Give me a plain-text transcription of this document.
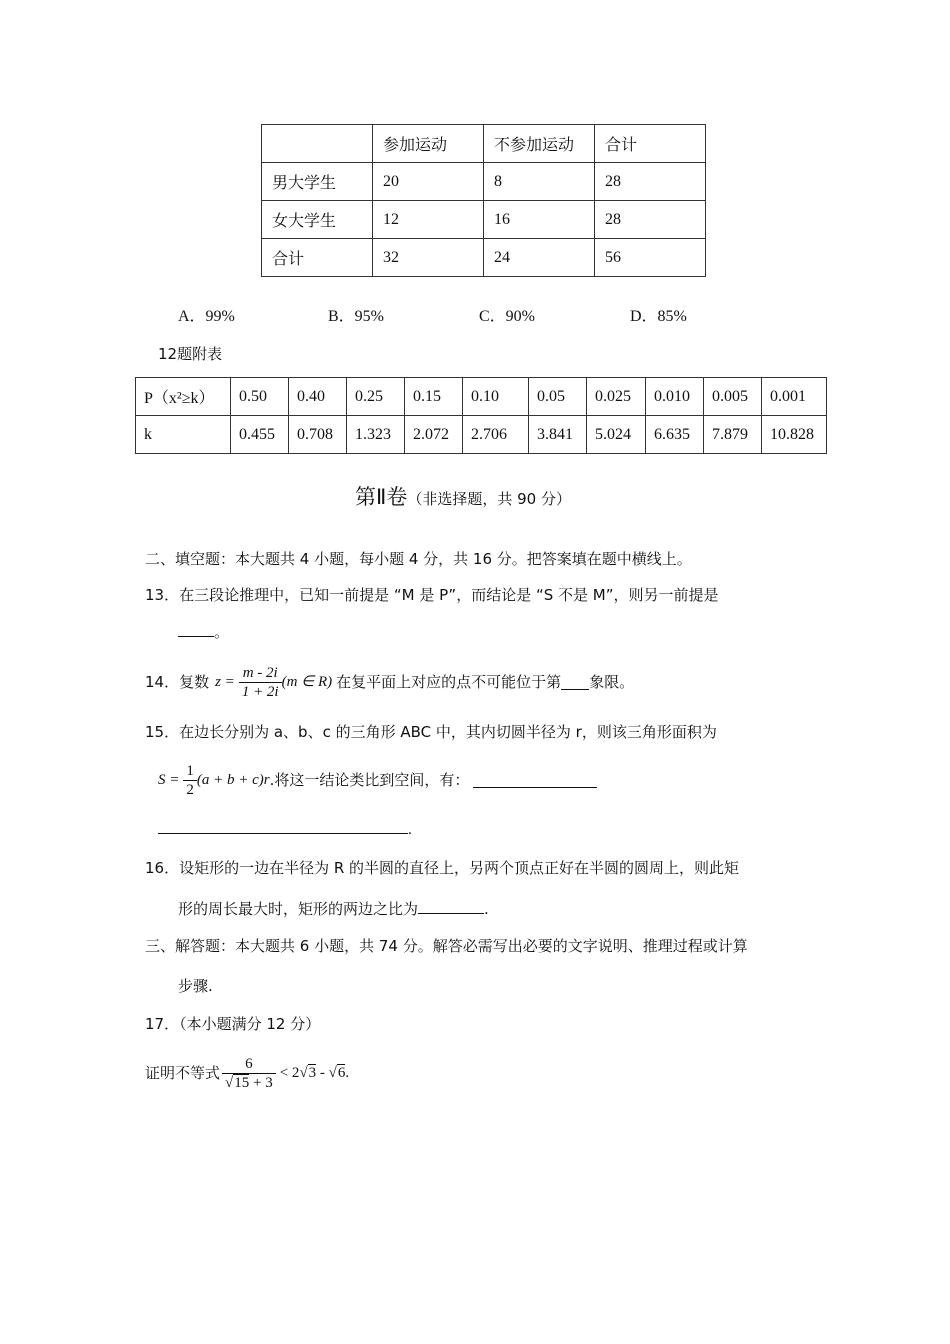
	参加运动	不参加运动	合计
男大学生	20	8	28
女大学生	12	16	28
合计	32	24	56
A．99%	B．95%	C．90%	D．85%
12题附表
P（x²≥k）	0.50	0.40	0.25	0.15	0.10	0.05	0.025	0.010	0.005	0.001
k	0.455	0.708	1.323	2.072	2.706	3.841	5.024	6.635	7.879	10.828
第Ⅱ卷（非选择题，共 90 分）
二、填空题：本大题共 4 小题，每小题 4 分，共 16 分。把答案填在题中横线上。
13．在三段论推理中，已知一前提是 “M 是 P”，而结论是 “S 不是 M”，则另一前提是
。
14．复数 $z = \frac{m - 2i}{1 + 2i} (m$ ∈ R) 在复平面上对应的点不可能位于第 象限。
15．在边长分别为 a、b、c 的三角形 ABC 中，其内切圆半径为 r，则该三角形面积为
$S = \frac{1}{2} (a + b + c)r$ .将这一结论类比到空间，有：
.
16．设矩形的一边在半径为 R 的半圆的直径上，另两个顶点正好在半圆的圆周上，则此矩
形的周长最大时，矩形的两边之比为	.
三、解答题：本大题共 6 小题，共 74 分。解答必需写出必要的文字说明、推理过程或计算
步骤.
17．（本小题满分 12 分）
证明不等式 $\frac{6}{√15 + 3} < 2√3 - √6$.
